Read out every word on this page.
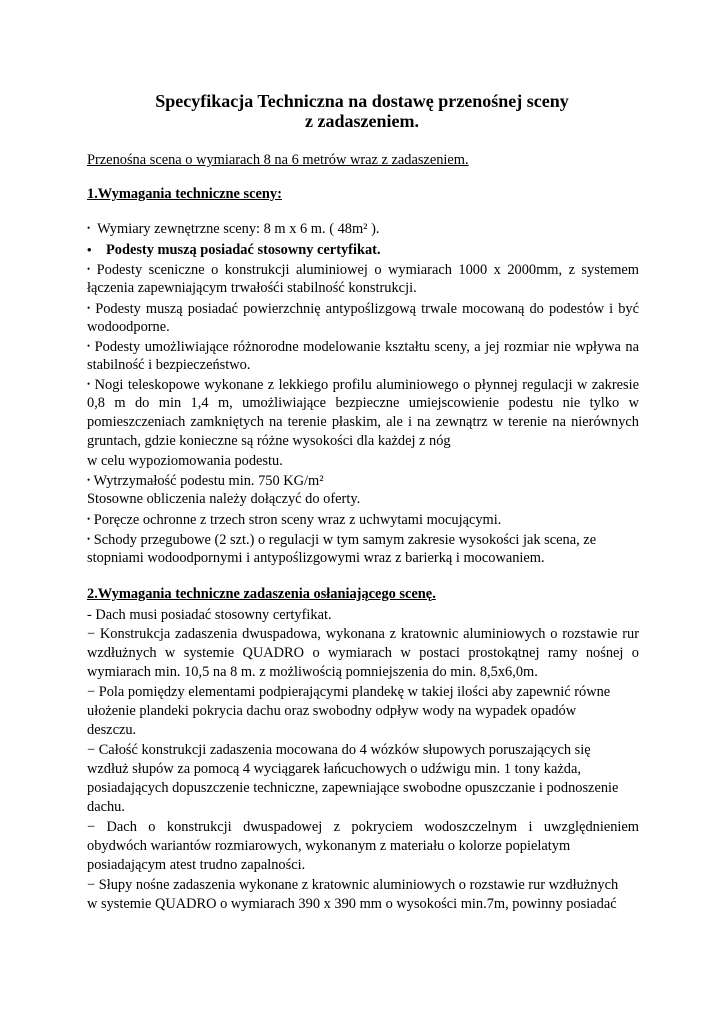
Specyfikacja Techniczna na dostawę przenośnej sceny
z zadaszeniem.
Przenośna scena o wymiarach 8 na 6 metrów wraz z zadaszeniem.
1.Wymagania techniczne sceny:
• Wymiary zewnętrzne sceny: 8 m x 6 m. ( 48m² ).
• Podesty muszą posiadać stosowny certyfikat.
• Podesty sceniczne o konstrukcji aluminiowej o wymiarach 1000 x 2000mm, z systemem
łączenia zapewniającym trwałośći stabilność konstrukcji.
• Podesty muszą posiadać powierzchnię antypoślizgową trwale mocowaną do podestów i być
wodoodporne.
• Podesty umożliwiające różnorodne modelowanie kształtu sceny, a jej rozmiar nie wpływa na
stabilność i bezpieczeństwo.
• Nogi teleskopowe wykonane z lekkiego profilu aluminiowego o płynnej regulacji w zakresie
0,8 m do min 1,4 m, umożliwiające bezpieczne umiejscowienie podestu nie tylko w
pomieszczeniach zamkniętych na terenie płaskim, ale i na zewnątrz w terenie na nierównych
gruntach, gdzie konieczne są różne wysokości dla każdej z nóg
w celu wypoziomowania podestu.
• Wytrzymałość podestu min. 750 KG/m²
Stosowne obliczenia należy dołączyć do oferty.
• Poręcze ochronne z trzech stron sceny wraz z uchwytami mocującymi.
• Schody przegubowe (2 szt.) o regulacji w tym samym zakresie wysokości jak scena, ze
stopniami wodoodpornymi i antypoślizgowymi wraz z barierką i mocowaniem.
2.Wymagania techniczne zadaszenia osłaniającego scenę.
- Dach musi posiadać stosowny certyfikat.
− Konstrukcja zadaszenia dwuspadowa, wykonana z kratownic aluminiowych o rozstawie rur
wzdłużnych w systemie QUADRO o wymiarach w postaci prostokątnej ramy nośnej o
wymiarach min. 10,5 na 8 m. z możliwością pomniejszenia do min. 8,5x6,0m.
− Pola pomiędzy elementami podpierającymi plandekę w takiej ilości aby zapewnić równe
ułożenie plandeki pokrycia dachu oraz swobodny odpływ wody na wypadek opadów
deszczu.
− Całość konstrukcji zadaszenia mocowana do 4 wózków słupowych poruszających się
wzdłuż słupów za pomocą 4 wyciągarek łańcuchowych o udźwigu min. 1 tony każda,
posiadających dopuszczenie techniczne, zapewniające swobodne opuszczanie i podnoszenie
dachu.
− Dach o konstrukcji dwuspadowej z pokryciem wodoszczelnym i uwzględnieniem
obydwóch wariantów rozmiarowych, wykonanym z materiału o kolorze popielatym
posiadającym atest trudno zapalności.
− Słupy nośne zadaszenia wykonane z kratownic aluminiowych o rozstawie rur wzdłużnych
w systemie QUADRO o wymiarach 390 x 390 mm o wysokości min.7m, powinny posiadać
